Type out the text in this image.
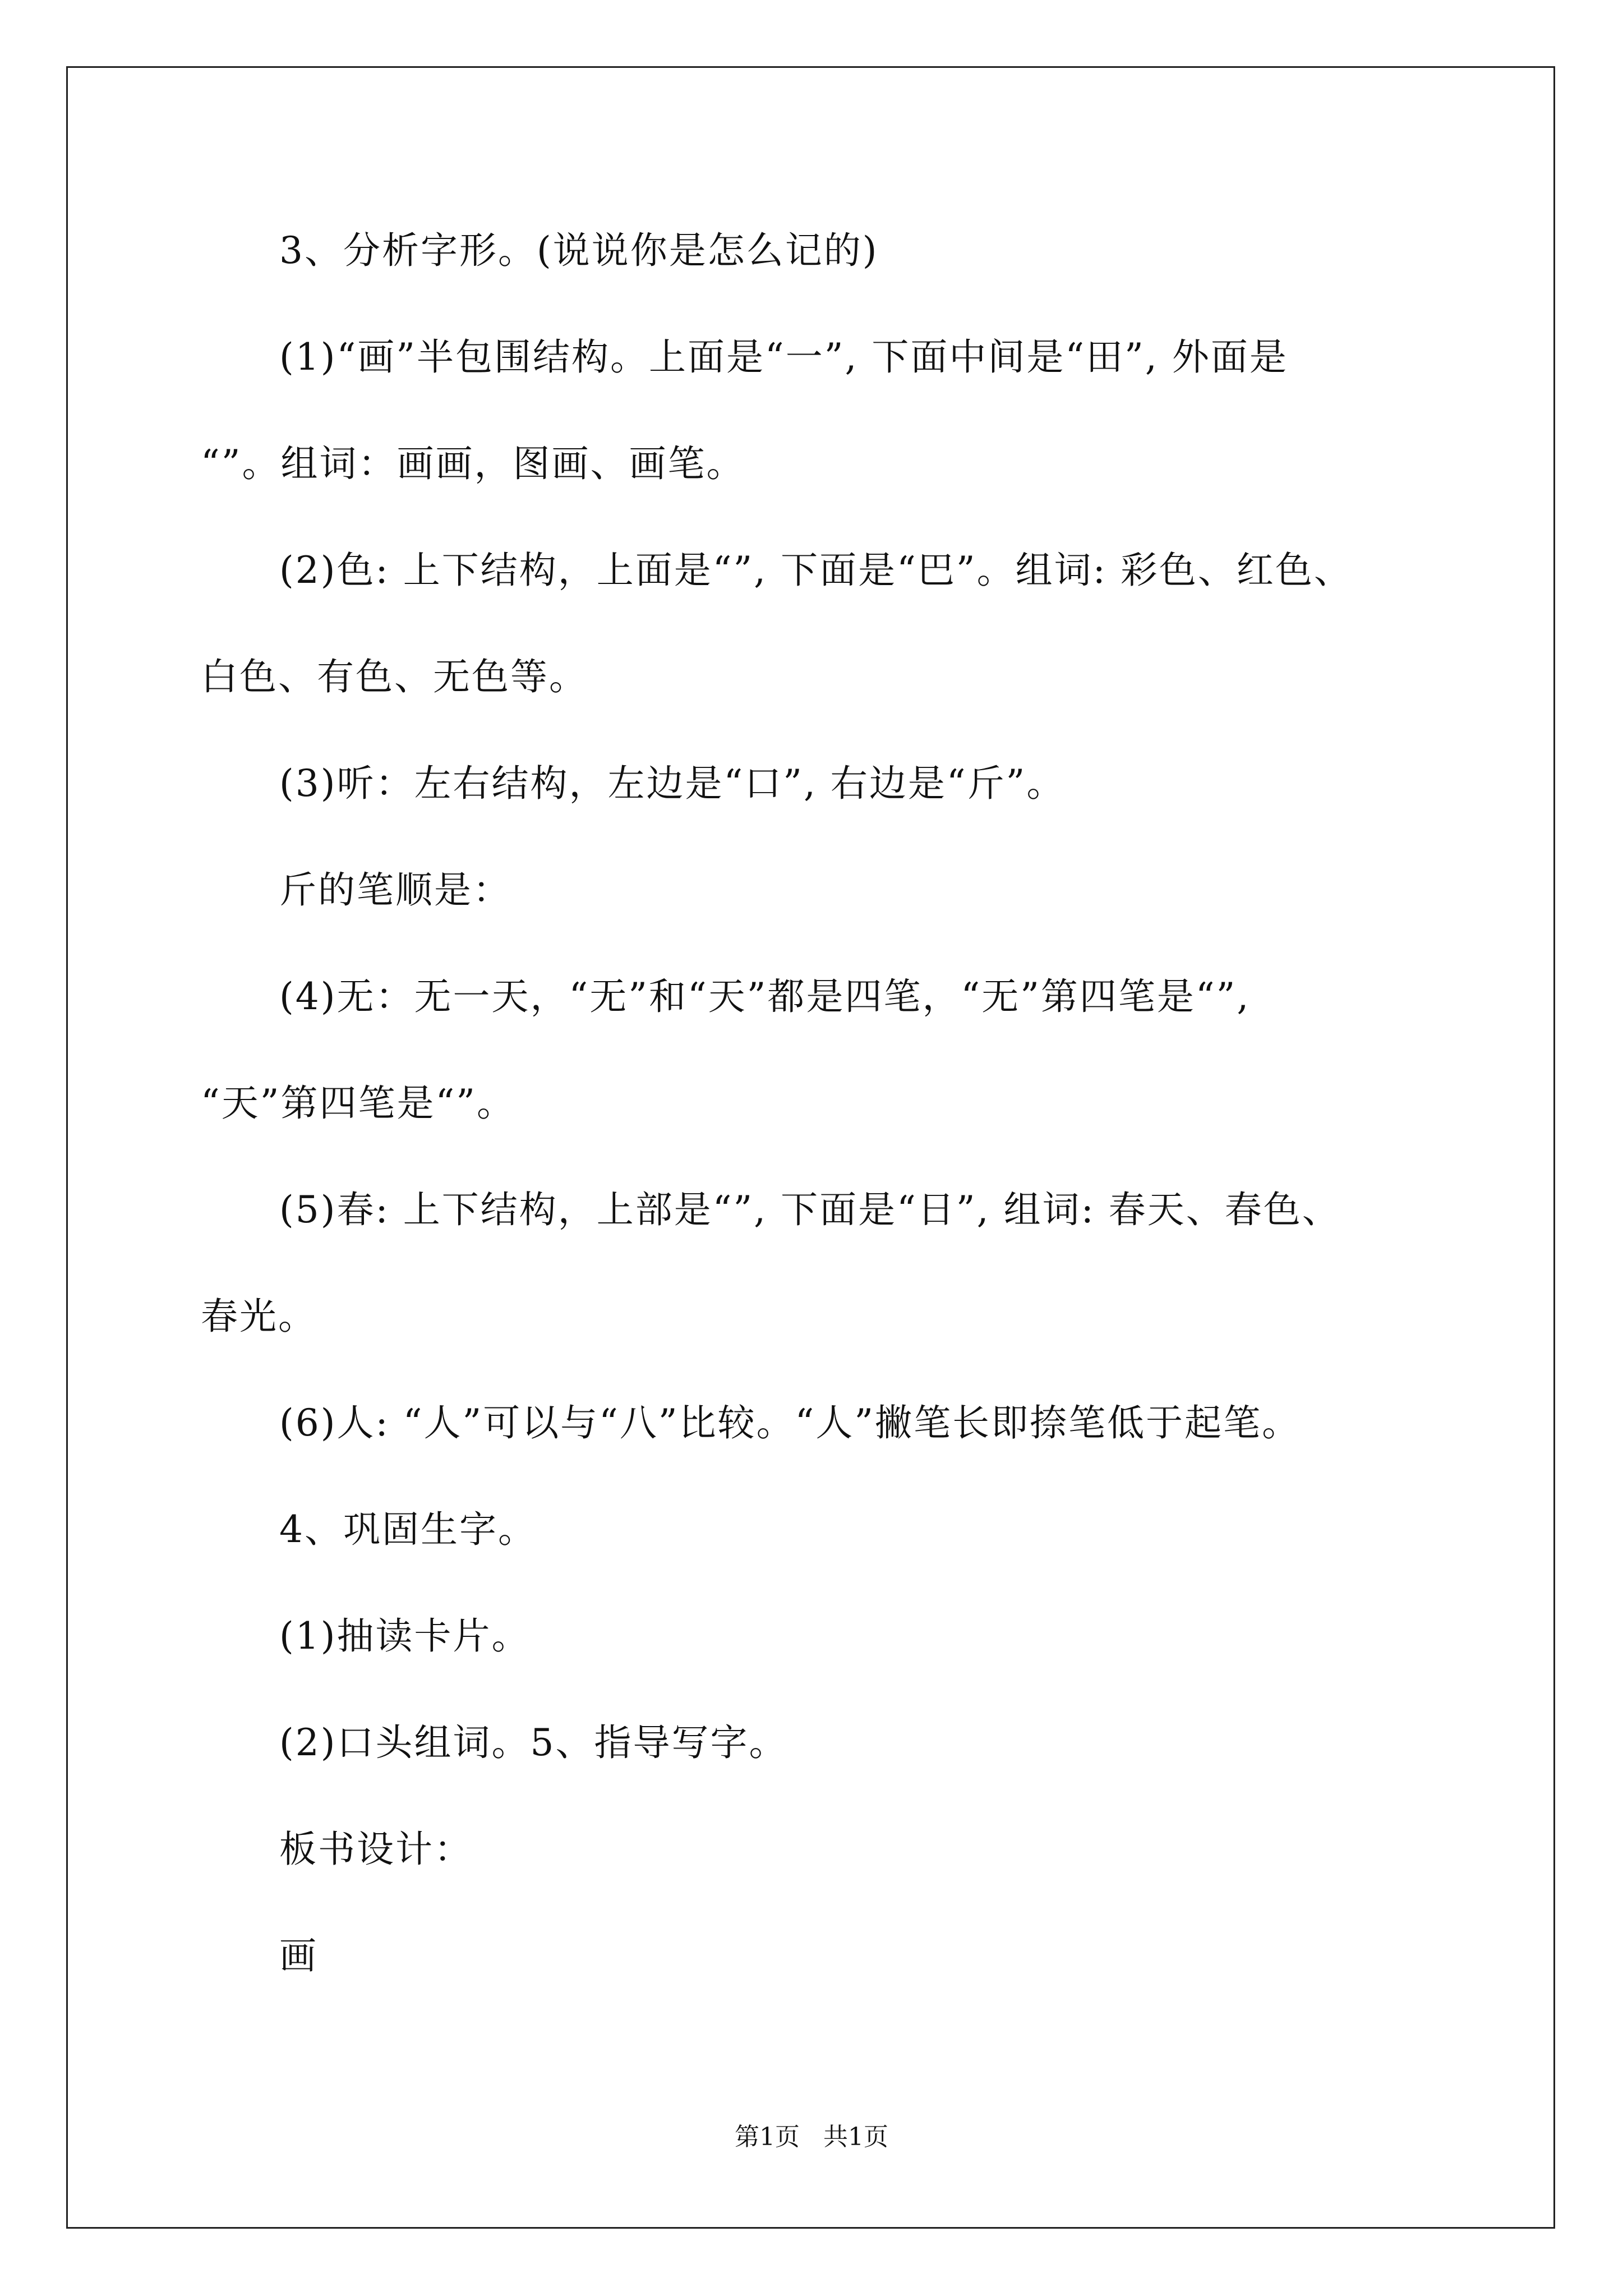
3、分析字形。(说说你是怎么记的)
(1)“画”半包围结构。上面是“一”, 下面中间是“田”, 外面是
“”。组词：画画，图画、画笔。
(2)色: 上下结构，上面是“”, 下面是“巴”。组词: 彩色、红色、
白色、有色、无色等。
(3)听：左右结构，左边是“口”, 右边是“斤”。
斤的笔顺是：
(4)无：无一天，“无”和“天”都是四笔，“无”第四笔是“”,
“天”第四笔是“”。
(5)春: 上下结构，上部是“”, 下面是“日”, 组词: 春天、春色、
春光。
(6)人: “人”可以与“八”比较。“人”撇笔长即捺笔低于起笔。
4、巩固生字。
(1)抽读卡片。
(2)口头组词。5、指导写字。
板书设计：
画
第1页   共1页
